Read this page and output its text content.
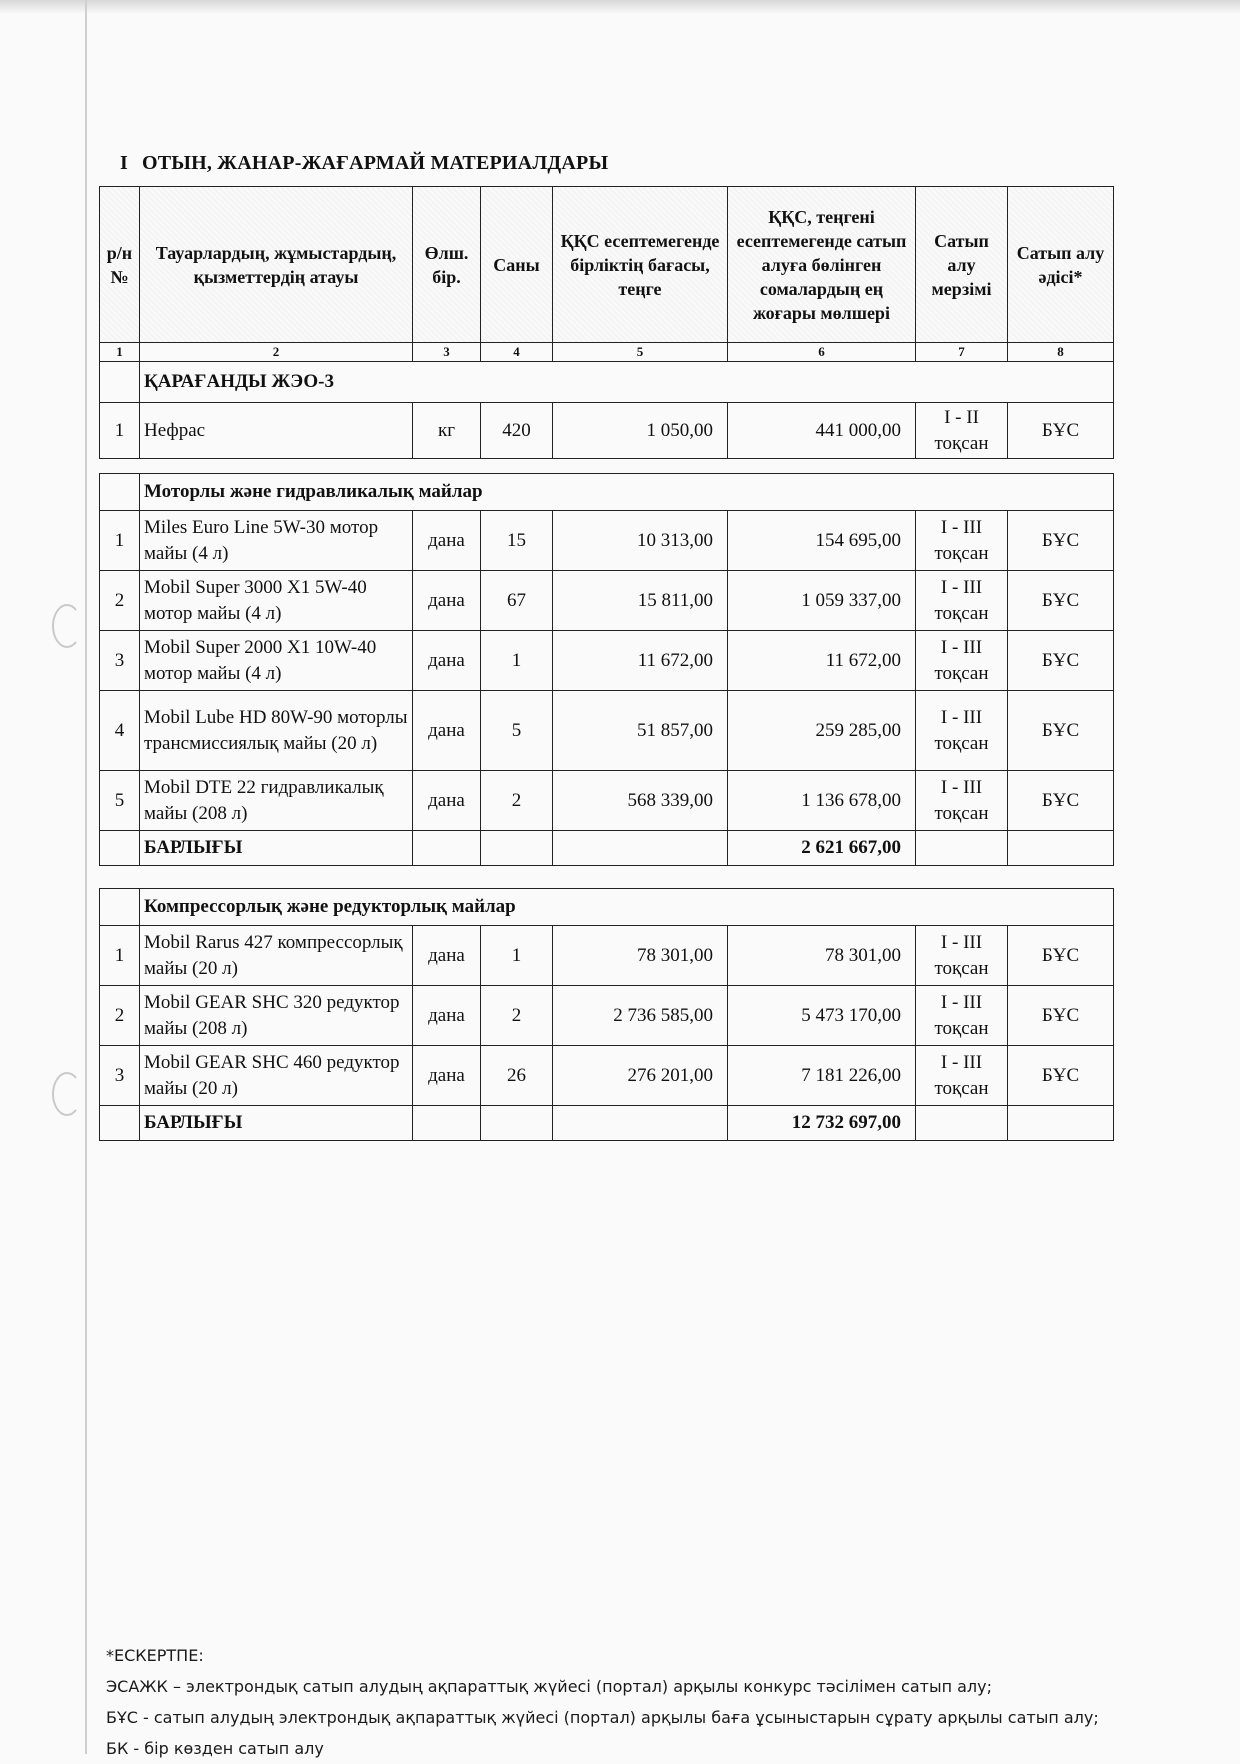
I ОТЫН, ЖАНАР-ЖАҒАРМАЙ МАТЕРИАЛДАРЫ
р/н №	Тауарлардың, жұмыстардың, қызметтердің атауы	Өлш. бір.	Саны	ҚҚС есептемегенде бірліктің бағасы, теңге	ҚҚС, теңгені есептемегенде сатып алуға бөлінген сомалардың ең жоғары мөлшері	Сатып алу мерзімі	Сатып алу әдісі*
1	2	3	4	5	6	7	8
	ҚАРАҒАНДЫ ЖЭО-3						
1	Нефрас	кг	420	1 050,00	441 000,00	I - II тоқсан	БҰС
	Моторлы және гидравликалық майлар						
1	Miles Euro Line 5W-30 мотор майы (4 л)	дана	15	10 313,00	154 695,00	I - III тоқсан	БҰС
2	Mobil Super 3000 X1 5W-40 мотор майы (4 л)	дана	67	15 811,00	1 059 337,00	I - III тоқсан	БҰС
3	Mobil Super 2000 X1 10W-40 мотор майы (4 л)	дана	1	11 672,00	11 672,00	I - III тоқсан	БҰС
4	Mobil Lube HD 80W-90 моторлы трансмиссиялық майы (20 л)	дана	5	51 857,00	259 285,00	I - III тоқсан	БҰС
5	Mobil DTE 22 гидравликалық майы (208 л)	дана	2	568 339,00	1 136 678,00	I - III тоқсан	БҰС
	БАРЛЫҒЫ				2 621 667,00		
	Компрессорлық және редукторлық майлар						
1	Mobil Rarus 427 компрессорлық майы (20 л)	дана	1	78 301,00	78 301,00	I - III тоқсан	БҰС
2	Mobil GEAR SHC 320 редуктор майы (208 л)	дана	2	2 736 585,00	5 473 170,00	I - III тоқсан	БҰС
3	Mobil GEAR SHC 460 редуктор майы (20 л)	дана	26	276 201,00	7 181 226,00	I - III тоқсан	БҰС
	БАРЛЫҒЫ				12 732 697,00		
*ЕСКЕРТПЕ:
ЭСАЖК – электрондық сатып алудың ақпараттық жүйесі (портал) арқылы конкурс тәсілімен сатып алу;
БҰС - сатып алудың электрондық ақпараттық жүйесі (портал) арқылы баға ұсыныстарын сұрату арқылы сатып алу;
БК - бір көзден сатып алу
